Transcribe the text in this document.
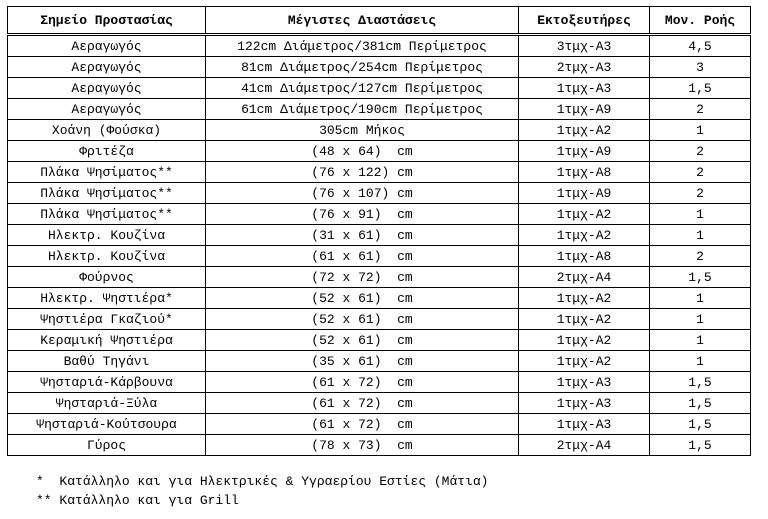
Σημείο Προστασίας	Μέγιστες Διαστάσεις	Εκτοξευτήρες	Μον. Ροής
Αεραγωγός	122cm Διάμετρος/381cm Περίμετρος	3τμχ-Α3	4,5
Αεραγωγός	81cm Διάμετρος/254cm Περίμετρος	2τμχ-Α3	3
Αεραγωγός	41cm Διάμετρος/127cm Περίμετρος	1τμχ-Α3	1,5
Αεραγωγός	61cm Διάμετρος/190cm Περίμετρος	1τμχ-Α9	2
Χοάνη (Φούσκα)	305cm Μήκος	1τμχ-Α2	1
Φριτέζα	(48 x 64)  cm	1τμχ-Α9	2
Πλάκα Ψησίματος**	(76 x 122) cm	1τμχ-Α8	2
Πλάκα Ψησίματος**	(76 x 107) cm	1τμχ-Α9	2
Πλάκα Ψησίματος**	(76 x 91)  cm	1τμχ-Α2	1
Ηλεκτρ. Κουζίνα	(31 x 61)  cm	1τμχ-Α2	1
Ηλεκτρ. Κουζίνα	(61 x 61)  cm	1τμχ-Α8	2
Φούρνος	(72 x 72)  cm	2τμχ-Α4	1,5
Ηλεκτρ. Ψηστιέρα*	(52 x 61)  cm	1τμχ-Α2	1
Ψηστιέρα Γκαζιού*	(52 x 61)  cm	1τμχ-Α2	1
Κεραμική Ψηστιέρα	(52 x 61)  cm	1τμχ-Α2	1
Βαθύ Τηγάνι	(35 x 61)  cm	1τμχ-Α2	1
Ψησταριά-Κάρβουνα	(61 x 72)  cm	1τμχ-Α3	1,5
Ψησταριά-Ξύλα	(61 x 72)  cm	1τμχ-Α3	1,5
Ψησταριά-Κούτσουρα	(61 x 72)  cm	1τμχ-Α3	1,5
Γύρος	(78 x 73)  cm	2τμχ-Α4	1,5
*  Κατάλληλο και για Ηλεκτρικές & Υγραερίου Εστίες (Μάτια)
** Κατάλληλο και για Grill
